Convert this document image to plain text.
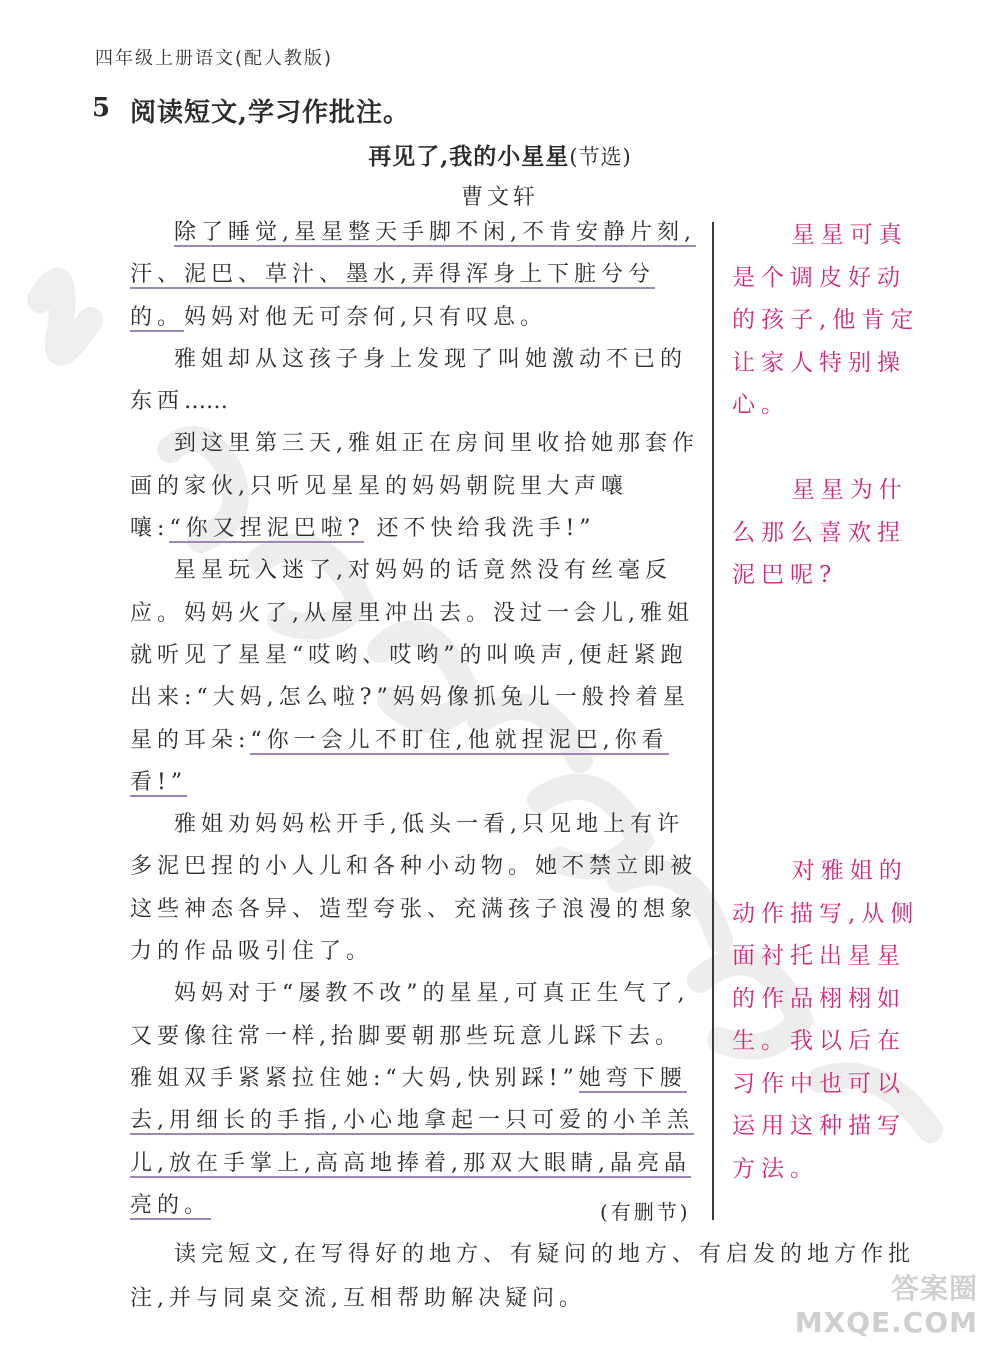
四年级上册语文(配人教版)
5 阅读短文,学习作批注。
再见了,我的小星星(节选)
曹文轩

除了睡觉,星星整天手脚不闲,不肯安静片刻,汗、泥巴、草汁、墨水,弄得浑身上下脏兮兮的。妈妈对他无可奈何,只有叹息。

雅姐却从这孩子身上发现了叫她激动不已的东西……

到这里第三天,雅姐正在房间里收拾她那套作画的家伙,只听见星星的妈妈朝院里大声嚷嚷:“你又捏泥巴啦? 还不快给我洗手!”

星星玩入迷了,对妈妈的话竟然没有丝毫反应。妈妈火了,从屋里冲出去。没过一会儿,雅姐就听见了星星“哎哟、哎哟”的叫唤声,便赶紧跑出来:“大妈,怎么啦?”妈妈像抓兔儿一般拎着星星的耳朵:“你一会儿不盯住,他就捏泥巴,你看看!”

雅姐劝妈妈松开手,低头一看,只见地上有许多泥巴捏的小人儿和各种小动物。她不禁立即被这些神态各异、造型夸张、充满孩子浪漫的想象力的作品吸引住了。

妈妈对于“屡教不改”的星星,可真正生气了,又要像往常一样,抬脚要朝那些玩意儿踩下去。雅姐双手紧紧拉住她:“大妈,快别踩!”她弯下腰去,用细长的手指,小心地拿起一只可爱的小羊羔儿,放在手掌上,高高地捧着,那双大眼睛,晶亮晶亮的。	(有删节)

星星可真是个调皮好动的孩子,他肯定让家人特别操心。

星星为什么那么喜欢捏泥巴呢?

对雅姐的动作描写,从侧面衬托出星星的作品栩栩如生。我以后在习作中也可以运用这种描写方法。

读完短文,在写得好的地方、有疑问的地方、有启发的地方作批注,并与同桌交流,互相帮助解决疑问。	答案圈
MXQE.COM
